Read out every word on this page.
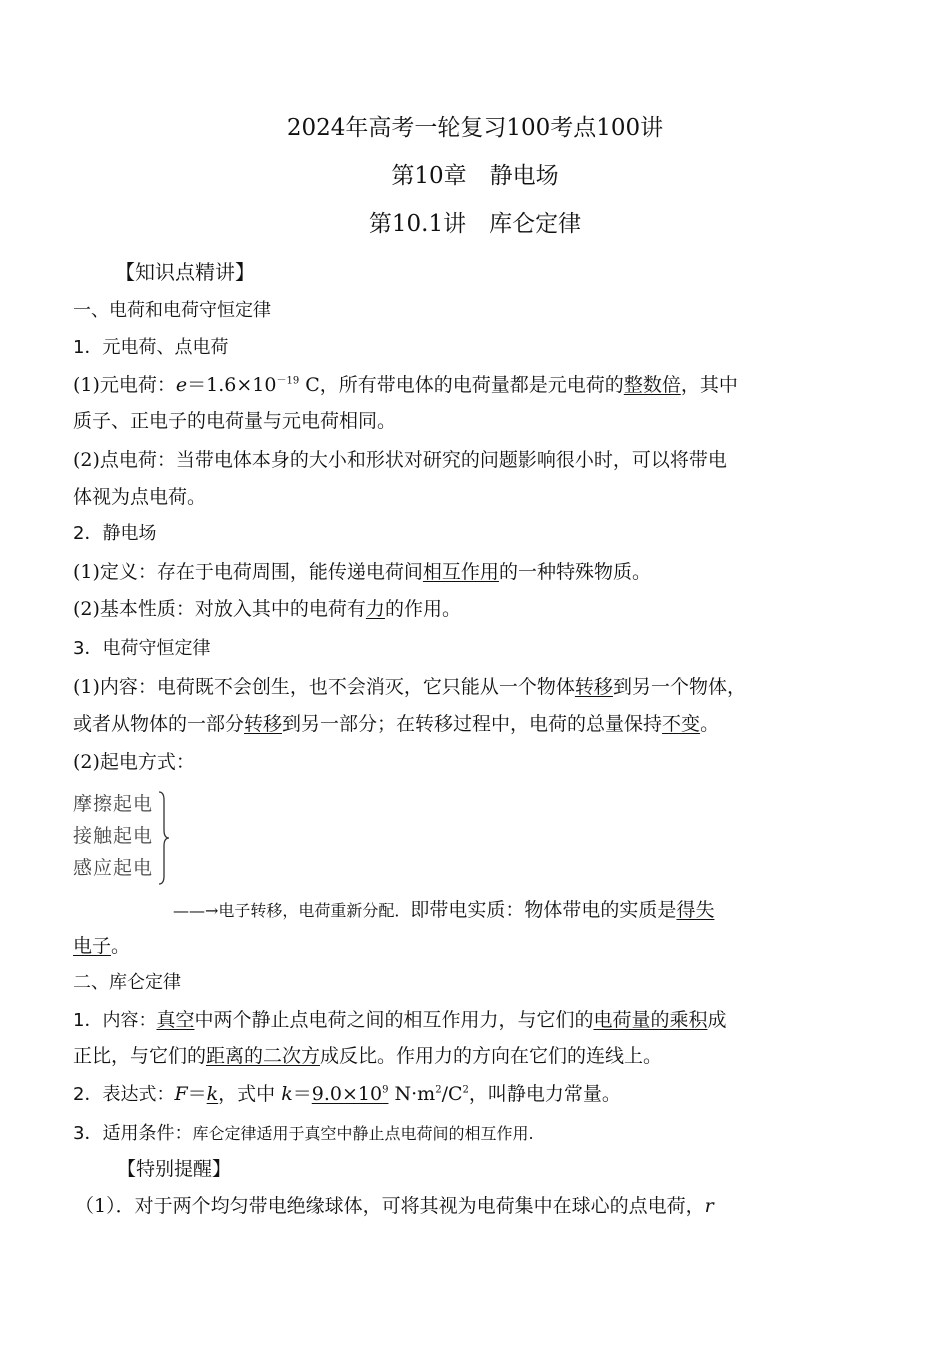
2024年高考一轮复习100考点100讲
第10章　静电场
第10.1讲　库仑定律
【知识点精讲】
一、电荷和电荷守恒定律
1．元电荷、点电荷
(1)元电荷：$e=1.6\times 10^{-19}$ C，所有带电体的电荷量都是元电荷的整数倍，其中
质子、正电子的电荷量与元电荷相同。
(2)点电荷：当带电体本身的大小和形状对研究的问题影响很小时，可以将带电
体视为点电荷。
2．静电场
(1)定义：存在于电荷周围，能传递电荷间相互作用的一种特殊物质。
(2)基本性质：对放入其中的电荷有力的作用。
3．电荷守恒定律
(1)内容：电荷既不会创生，也不会消灭，它只能从一个物体转移到另一个物体，
或者从物体的一部分转移到另一部分；在转移过程中，电荷的总量保持不变。
(2)起电方式：
摩擦起电
接触起电
感应起电
——→电子转移，电荷重新分配．即带电实质：物体带电的实质是得失
电子。
二、库仑定律
1．内容：真空中两个静止点电荷之间的相互作用力，与它们的电荷量的乘积成
正比，与它们的距离的二次方成反比。作用力的方向在它们的连线上。
2．表达式：F＝k，式中 $k=9.0\times 10^9$ $N\cdot m^2/C^2$，叫静电力常量。
3．适用条件：库仑定律适用于真空中静止点电荷间的相互作用.
【特别提醒】
（1）．对于两个均匀带电绝缘球体，可将其视为电荷集中在球心的点电荷，r
